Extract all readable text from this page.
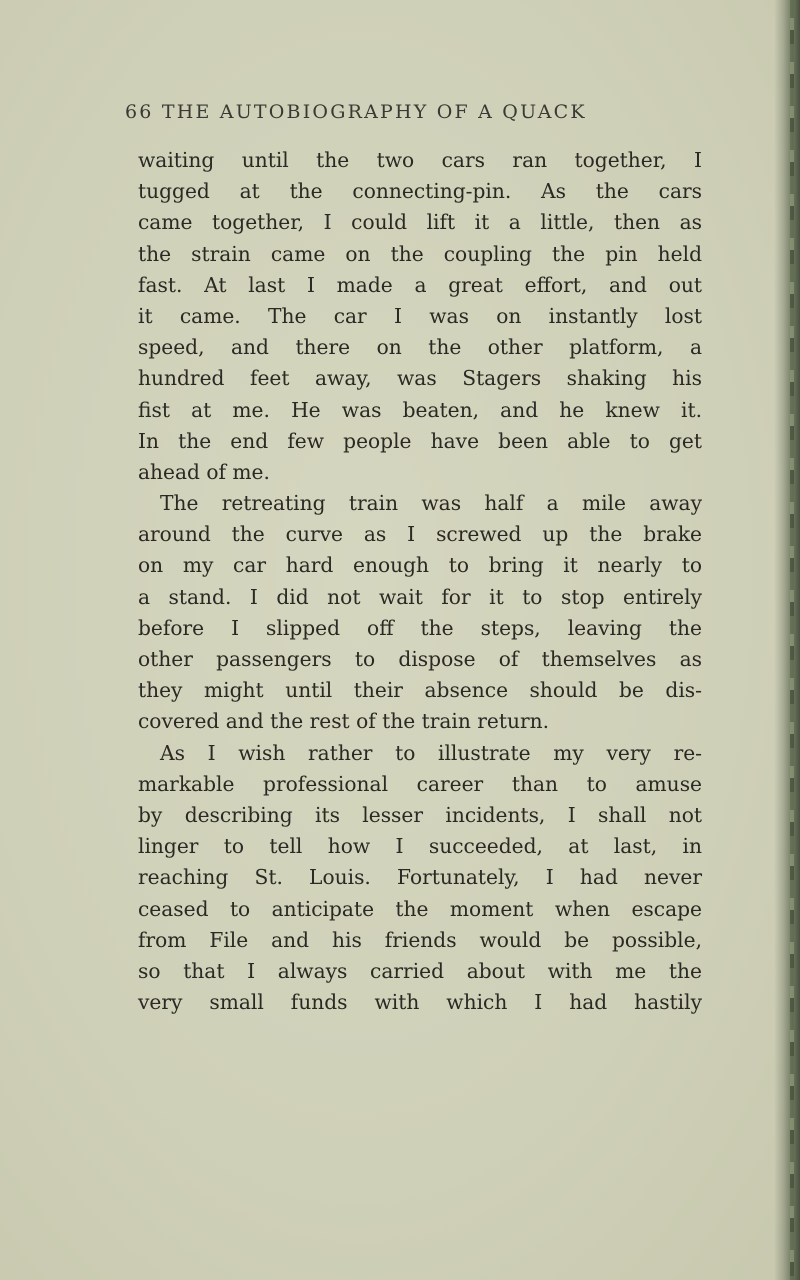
66 THE AUTOBIOGRAPHY OF A QUACK
waiting until the two cars ran together, I
tugged at the connecting-pin. As the cars
came together, I could lift it a little, then as
the strain came on the coupling the pin held
fast. At last I made a great effort, and out
it came. The car I was on instantly lost
speed, and there on the other platform, a
hundred feet away, was Stagers shaking his
fist at me. He was beaten, and he knew it.
In the end few people have been able to get
ahead of me.
The retreating train was half a mile away
around the curve as I screwed up the brake
on my car hard enough to bring it nearly to
a stand. I did not wait for it to stop entirely
before I slipped off the steps, leaving the
other passengers to dispose of themselves as
they might until their absence should be dis-
covered and the rest of the train return.
As I wish rather to illustrate my very re-
markable professional career than to amuse
by describing its lesser incidents, I shall not
linger to tell how I succeeded, at last, in
reaching St. Louis. Fortunately, I had never
ceased to anticipate the moment when escape
from File and his friends would be possible,
so that I always carried about with me the
very small funds with which I had hastily
